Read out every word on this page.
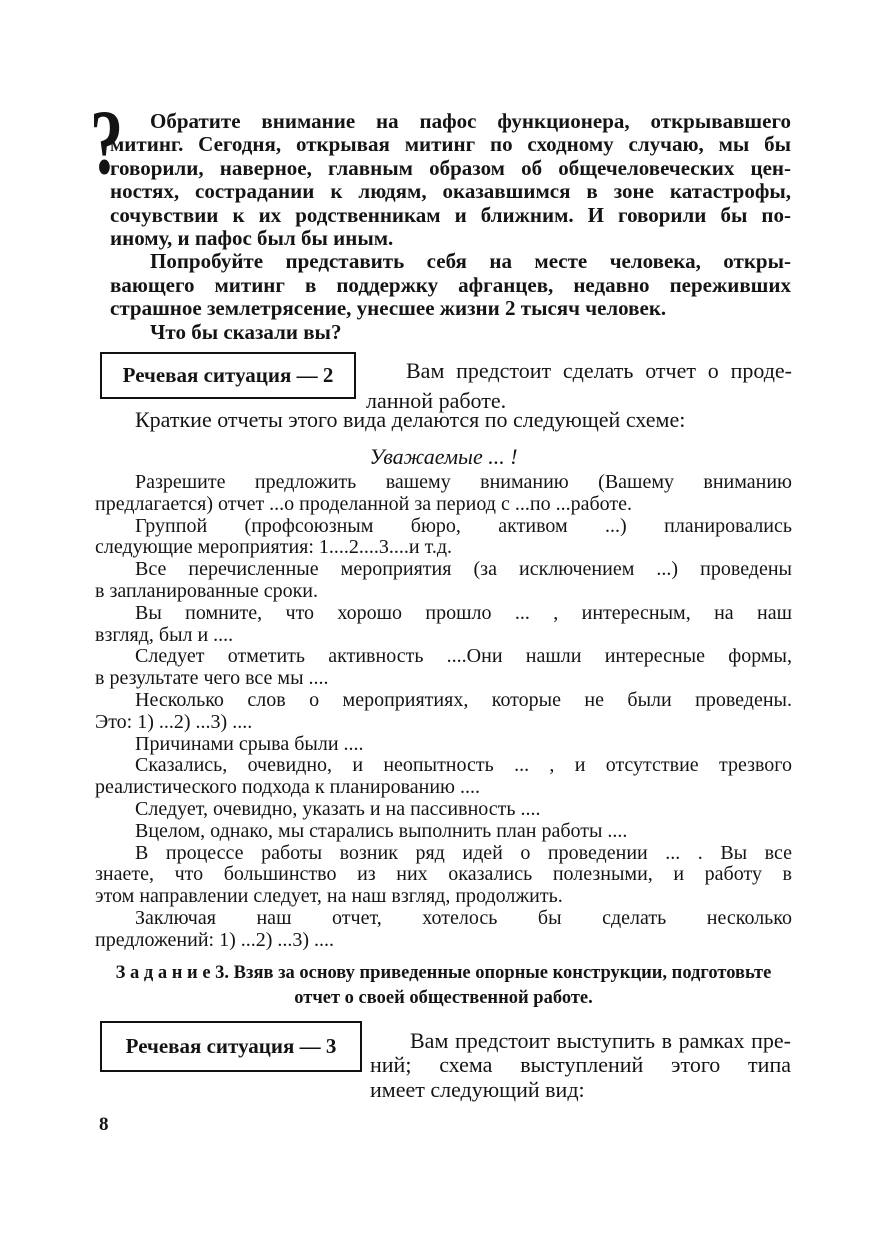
?	Обратите внимание на пафос функционера, открывавшего
митинг. Сегодня, открывая митинг по сходному случаю, мы бы
говорили, наверное, главным образом об общечеловеческих цен-
ностях, сострадании к людям, оказавшимся в зоне катастрофы,
сочувствии к их родственникам и ближним. И говорили бы по-
иному, и пафос был бы иным.
Попробуйте представить себя на месте человека, откры-
вающего митинг в поддержку афганцев, недавно переживших
страшное землетрясение, унесшее жизни 2 тысяч человек.
Что бы сказали вы?
Речевая ситуация — 2	Вам предстоит сделать отчет о проде-
ланной работе.
Краткие отчеты этого вида делаются по следующей схеме:
Уважаемые ... !
Разрешите предложить вашему вниманию (Вашему вниманию
предлагается) отчет ...о проделанной за период с ...по ...работе.
Группой (профсоюзным бюро, активом ...) планировались
следующие мероприятия: 1....2....3....и т.д.
Все перечисленные мероприятия (за исключением ...) проведены
в запланированные сроки.
Вы помните, что хорошо прошло ... , интересным, на наш
взгляд, был и ....
Следует отметить активность ....Они нашли интересные формы,
в результате чего все мы ....
Несколько слов о мероприятиях, которые не были проведены.
Это: 1) ...2) ...3) ....
Причинами срыва были ....
Сказались, очевидно, и неопытность ... , и отсутствие трезвого
реалистического подхода к планированию ....
Следует, очевидно, указать и на пассивность ....
Вцелом, однако, мы старались выполнить план работы ....
В процессе работы возник ряд идей о проведении ... . Вы все
знаете, что большинство из них оказались полезными, и работу в
этом направлении следует, на наш взгляд, продолжить.
Заключая наш отчет, хотелось бы сделать несколько
предложений: 1) ...2) ...3) ....
З а д а н и е 3. Взяв за основу приведенные опорные конструкции, подготовьте
отчет о своей общественной работе.
Речевая ситуация — 3	Вам предстоит выступить в рамках пре-
ний; схема выступлений этого типа
имеет следующий вид:
8
